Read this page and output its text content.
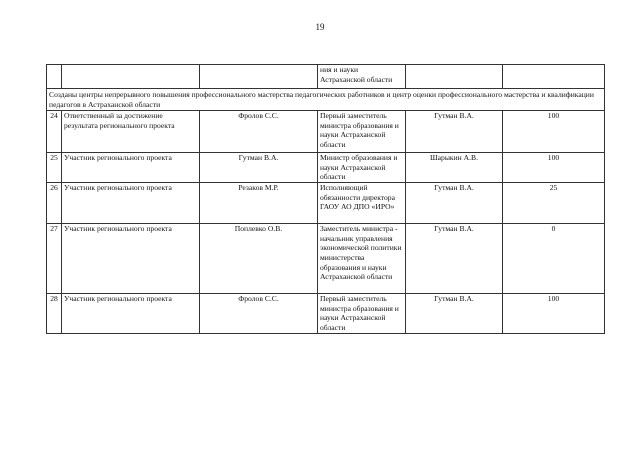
19
			ния и науки Астраханской области		
Созданы центры непрерывного повышения профессионального мастерства педагогических работников и центр оценки профессионального мастерства и квалификации педагогов в Астраханской области					
24	Ответственный за достижение результата регионального проекта	Фролов С.С.	Первый заместитель министра образования и науки Астраханской области	Гутман В.А.	100
25	Участник регионального проекта	Гутман В.А.	Министр образования и науки Астраханской области	Шарыкин А.В.	100
26	Участник регионального проекта	Резаков М.Р.	Исполняющий обязанности директора ГАОУ АО ДПО «ИРО»	Гутман В.А.	25
27	Участник регионального проекта	Поплевко О.В.	Заместитель министра - начальник управления экономической политики министерства образования и науки Астраханской области	Гутман В.А.	0
28	Участник регионального проекта	Фролов С.С.	Первый заместитель министра образования и науки Астраханской области	Гутман В.А.	100
